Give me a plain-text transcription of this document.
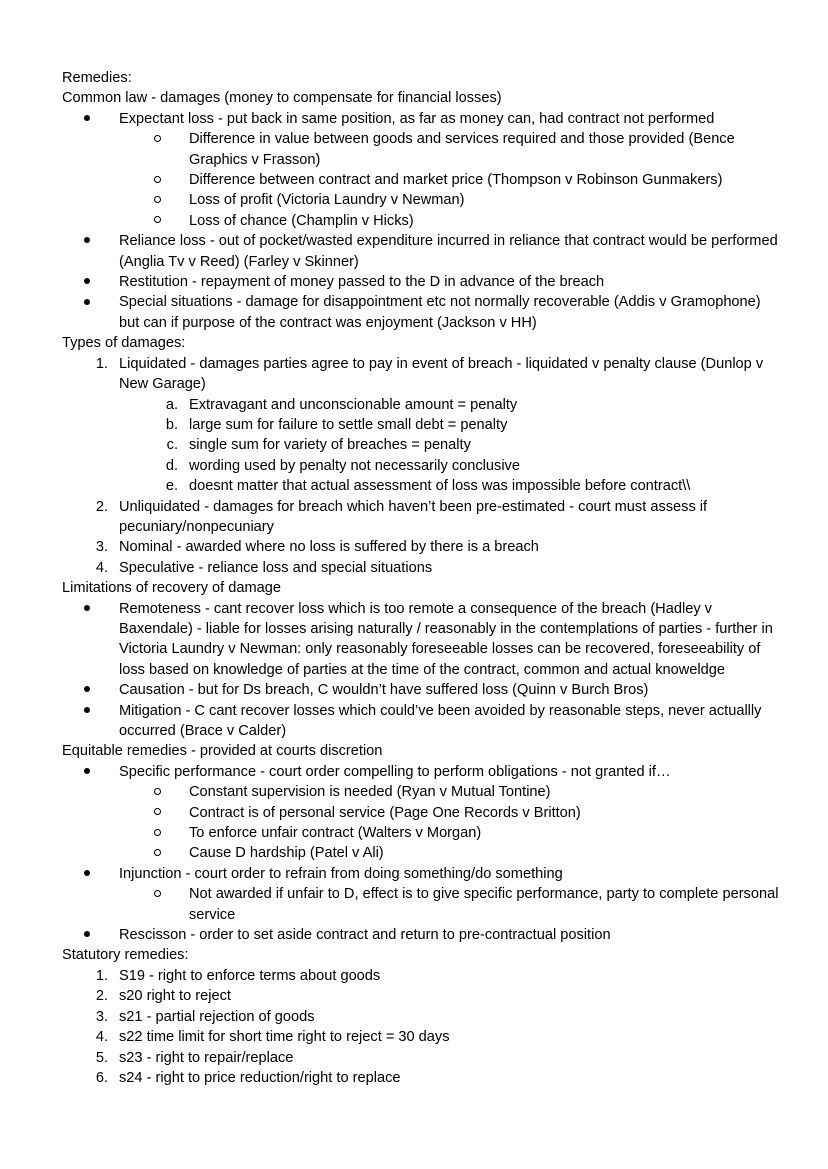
Remedies:
Common law - damages (money to compensate for financial losses)
Expectant loss - put back in same position, as far as money can, had contract not performed
Difference in value between goods and services required and those provided (Bence Graphics v Frasson)
Difference between contract and market price (Thompson v Robinson Gunmakers)
Loss of profit (Victoria Laundry v Newman)
Loss of chance (Champlin v Hicks)
Reliance loss - out of pocket/wasted expenditure incurred in reliance that contract would be performed (Anglia Tv v Reed) (Farley v Skinner)
Restitution - repayment of money passed to the D in advance of the breach
Special situations - damage for disappointment etc not normally recoverable (Addis v Gramophone) but can if purpose of the contract was enjoyment (Jackson v HH)
Types of damages:
1. Liquidated - damages parties agree to pay in event of breach - liquidated v penalty clause (Dunlop v New Garage)
a. Extravagant and unconscionable amount = penalty
b. large sum for failure to settle small debt = penalty
c. single sum for variety of breaches = penalty
d. wording used by penalty not necessarily conclusive
e. doesnt matter that actual assessment of loss was impossible before contract\\
2. Unliquidated - damages for breach which haven’t been pre-estimated - court must assess if pecuniary/nonpecuniary
3. Nominal - awarded where no loss is suffered by there is a breach
4. Speculative - reliance loss and special situations
Limitations of recovery of damage
Remoteness - cant recover loss which is too remote a consequence of the breach (Hadley v Baxendale) - liable for losses arising naturally / reasonably in the contemplations of parties - further in Victoria Laundry v Newman: only reasonably foreseeable losses can be recovered, foreseeability of loss based on knowledge of parties at the time of the contract, common and actual knoweldge
Causation - but for Ds breach, C wouldn’t have suffered loss (Quinn v Burch Bros)
Mitigation - C cant recover losses which could’ve been avoided by reasonable steps, never actuallly occurred (Brace v Calder)
Equitable remedies - provided at courts discretion
Specific performance - court order compelling to perform obligations - not granted if…
Constant supervision is needed (Ryan v Mutual Tontine)
Contract is of personal service (Page One Records v Britton)
To enforce unfair contract (Walters v Morgan)
Cause D hardship (Patel v Ali)
Injunction - court order to refrain from doing something/do something
Not awarded if unfair to D, effect is to give specific performance, party to complete personal service
Rescisson - order to set aside contract and return to pre-contractual position
Statutory remedies:
1. S19 - right to enforce terms about goods
2. s20 right to reject
3. s21 - partial rejection of goods
4. s22 time limit for short time right to reject = 30 days
5. s23 - right to repair/replace
6. s24 - right to price reduction/right to replace
